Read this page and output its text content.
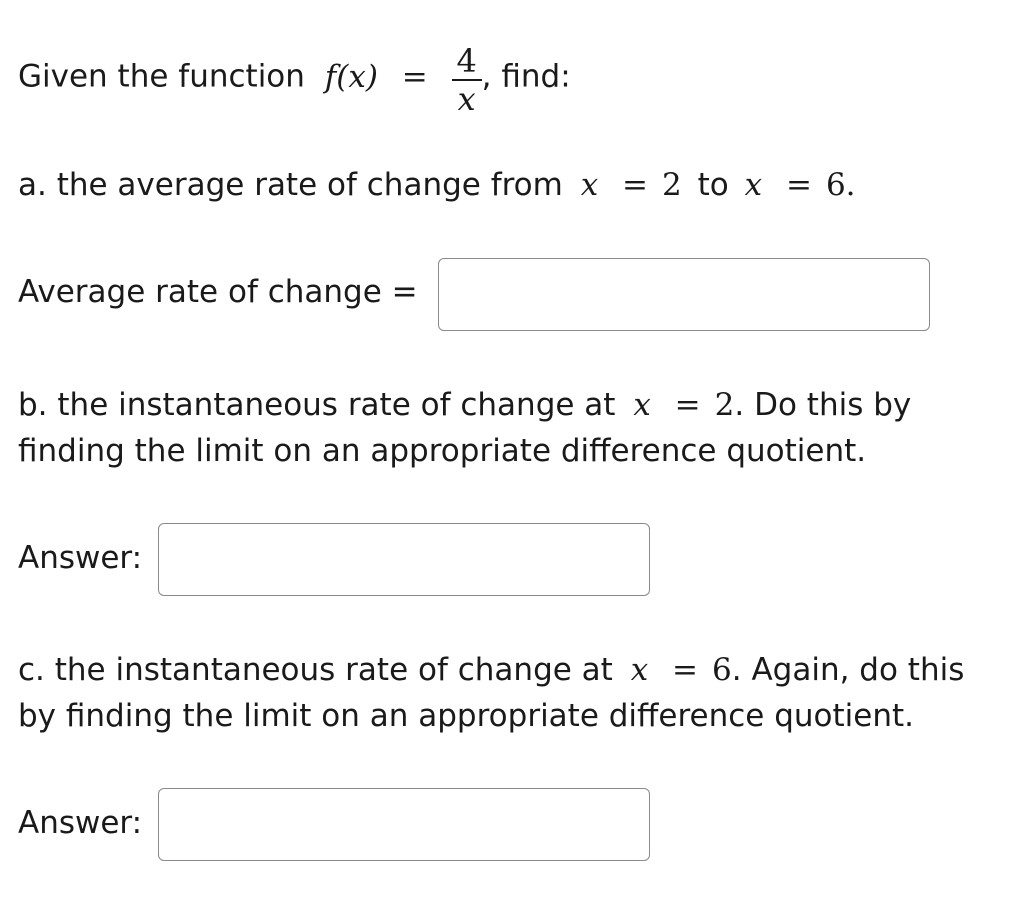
Given the function $f(x) = \frac{4}{x}$ , find:
a. the average rate of change from x = 2 to x = 6.
Average rate of change =
b. the instantaneous rate of change at x = 2. Do this by
finding the limit on an appropriate difference quotient.
Answer:
c. the instantaneous rate of change at x = 6. Again, do this
by finding the limit on an appropriate difference quotient.
Answer:
